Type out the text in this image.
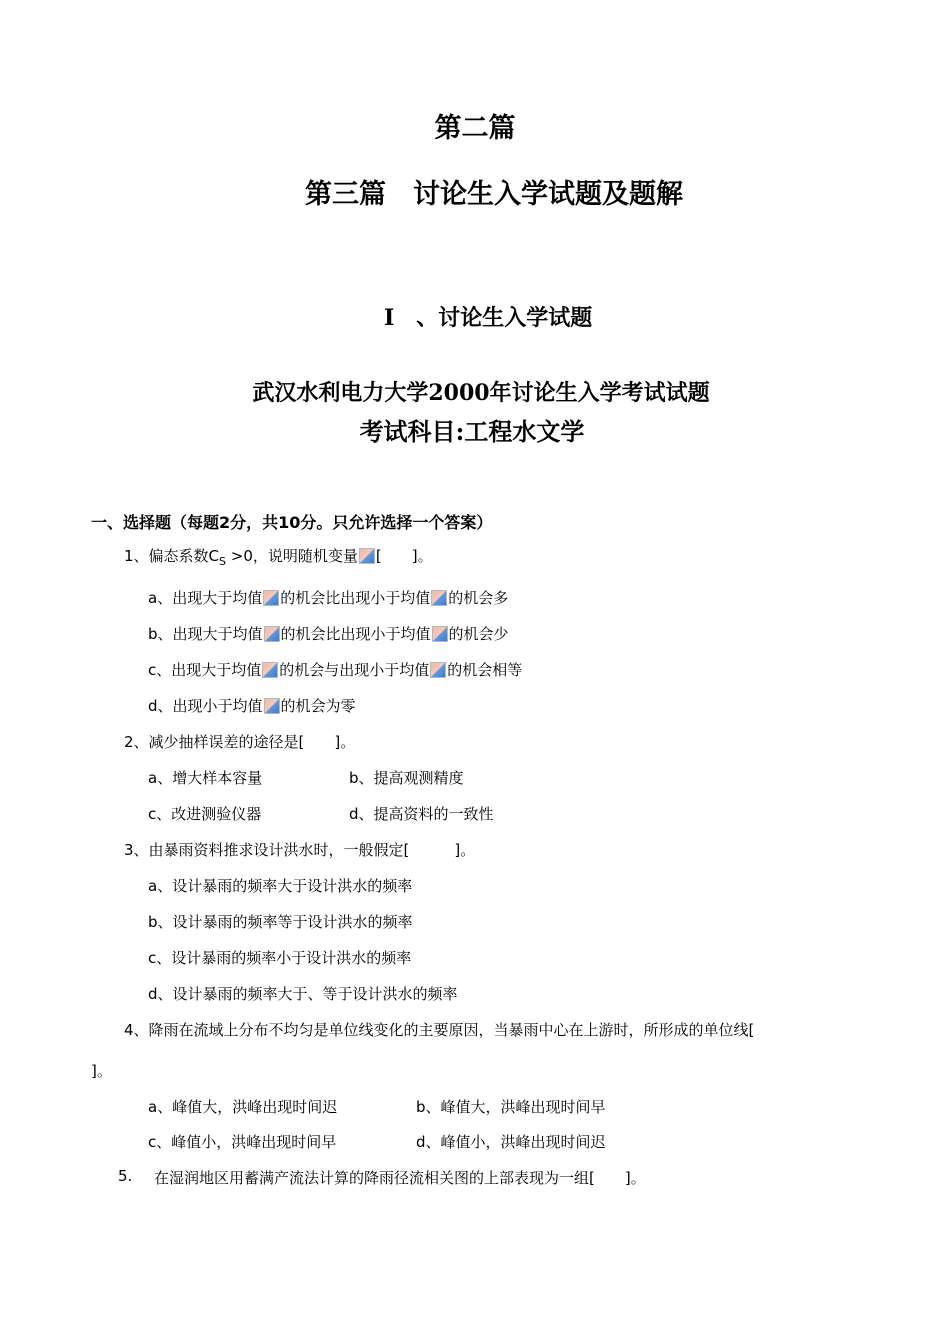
第二篇
第三篇　讨论生入学试题及题解
Ⅰ　、讨论生入学试题
武汉水利电力大学2000年讨论生入学考试试题
考试科目:工程水文学
一、选择题（每题2分，共10分。只允许选择一个答案）
1、偏态系数$C_S >0$，说明随机变量 [　　]。
a、出现大于均值 的机会比出现小于均值 的机会多
b、出现大于均值 的机会比出现小于均值 的机会少
c、出现大于均值 的机会与出现小于均值 的机会相等
d、出现小于均值 的机会为零
2、减少抽样误差的途径是[　　]。
a、增大样本容量	b、提高观测精度
c、改进测验仪器	d、提高资料的一致性
3、由暴雨资料推求设计洪水时，一般假定[　　　]。
a、设计暴雨的频率大于设计洪水的频率
b、设计暴雨的频率等于设计洪水的频率
c、设计暴雨的频率小于设计洪水的频率
d、设计暴雨的频率大于、等于设计洪水的频率
4、降雨在流域上分布不均匀是单位线变化的主要原因，当暴雨中心在上游时，所形成的单位线[
]。
a、峰值大，洪峰出现时间迟	b、峰值大，洪峰出现时间早
c、峰值小，洪峰出现时间早	d、峰值小，洪峰出现时间迟
5. 在湿润地区用蓄满产流法计算的降雨径流相关图的上部表现为一组[　　]。
